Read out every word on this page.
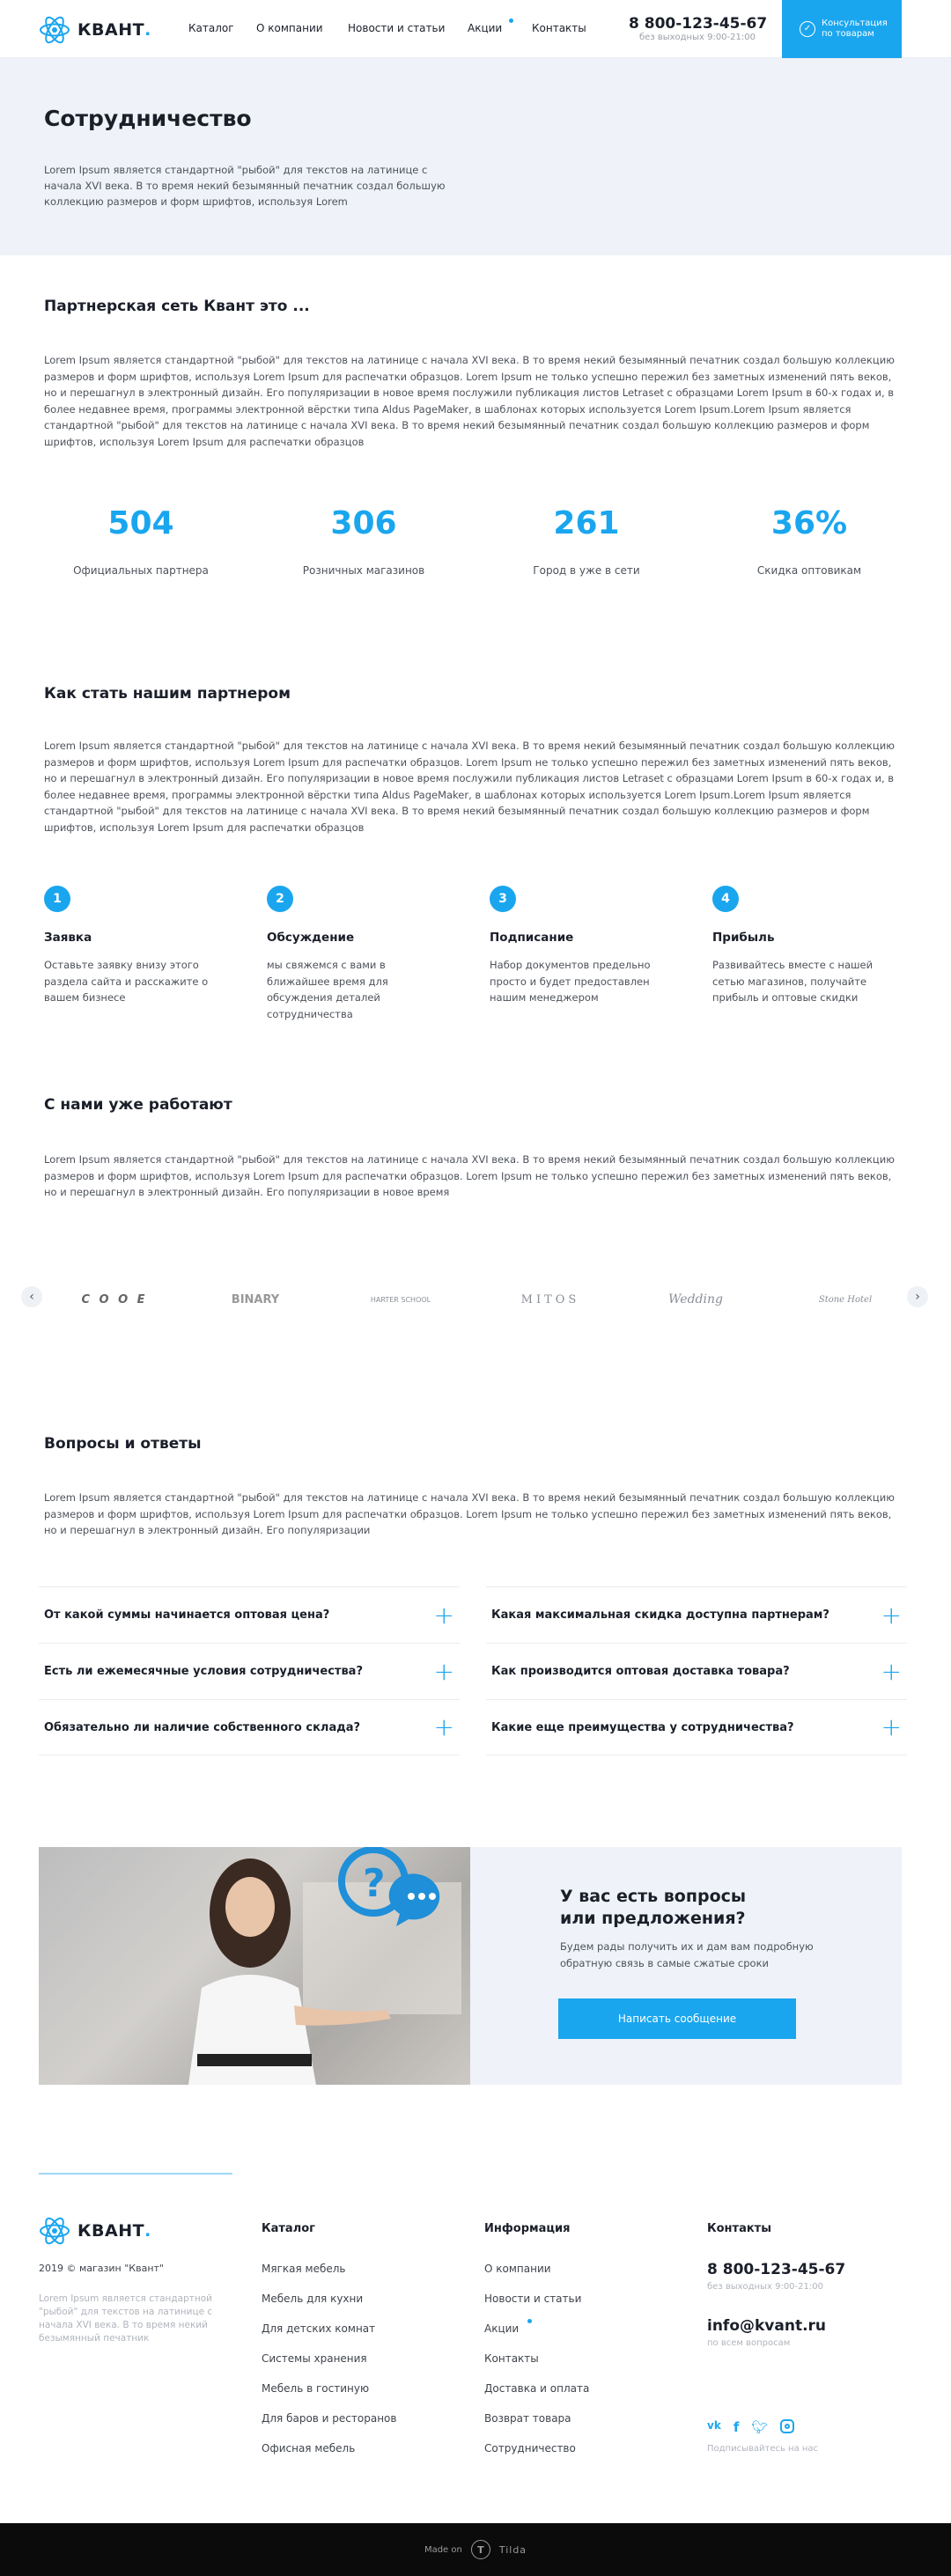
КВАНТ.	Каталог О компании Новости и статьи Акции	Контакты	8 800-123-45-67
без выходных 9:00-21:00
✓
Консультация
по товарам
Сотрудничество

Lorem Ipsum является стандартной "рыбой" для текстов на латинице с начала XVI века. В то время некий безымянный печатник создал большую коллекцию размеров и форм шрифтов, используя Lorem

Партнерская сеть Квант это ...

Lorem Ipsum является стандартной "рыбой" для текстов на латинице с начала XVI века. В то время некий безымянный печатник создал большую коллекцию размеров и форм шрифтов, используя Lorem Ipsum для распечатки образцов. Lorem Ipsum не только успешно пережил без заметных изменений пять веков, но и перешагнул в электронный дизайн. Его популяризации в новое время послужили публикация листов Letraset с образцами Lorem Ipsum в 60-х годах и, в более недавнее время, программы электронной вёрстки типа Aldus PageMaker, в шаблонах которых используется Lorem Ipsum.Lorem Ipsum является стандартной "рыбой" для текстов на латинице с начала XVI века. В то время некий безымянный печатник создал большую коллекцию размеров и форм шрифтов, используя Lorem Ipsum для распечатки образцов

504
Официальных партнера
306
Розничных магазинов
261
Город в уже в сети
36%
Скидка оптовикам
Как стать нашим партнером

Lorem Ipsum является стандартной "рыбой" для текстов на латинице с начала XVI века. В то время некий безымянный печатник создал большую коллекцию размеров и форм шрифтов, используя Lorem Ipsum для распечатки образцов. Lorem Ipsum не только успешно пережил без заметных изменений пять веков, но и перешагнул в электронный дизайн. Его популяризации в новое время послужили публикация листов Letraset с образцами Lorem Ipsum в 60-х годах и, в более недавнее время, программы электронной вёрстки типа Aldus PageMaker, в шаблонах которых используется Lorem Ipsum.Lorem Ipsum является стандартной "рыбой" для текстов на латинице с начала XVI века. В то время некий безымянный печатник создал большую коллекцию размеров и форм шрифтов, используя Lorem Ipsum для распечатки образцов

1
Заявка
Оставьте заявку внизу этого раздела сайта и расскажите о вашем бизнесе
2
Обсуждение
мы свяжемся с вами в ближайшее время для обсуждения деталей сотрудничества
3
Подписание
Набор документов предельно просто и будет предоставлен нашим менеджером
4
Прибыль
Развивайтесь вместе с нашей сетью магазинов, получайте прибыль и оптовые скидки
С нами уже работают

Lorem Ipsum является стандартной "рыбой" для текстов на латинице с начала XVI века. В то время некий безымянный печатник создал большую коллекцию размеров и форм шрифтов, используя Lorem Ipsum для распечатки образцов. Lorem Ipsum не только успешно пережил без заметных изменений пять веков, но и перешагнул в электронный дизайн. Его популяризации в новое время

‹	C O O E	BINARY	HARTER SCHOOL	MITOS	Wedding	Stone Hotel	›
Вопросы и ответы

Lorem Ipsum является стандартной "рыбой" для текстов на латинице с начала XVI века. В то время некий безымянный печатник создал большую коллекцию размеров и форм шрифтов, используя Lorem Ipsum для распечатки образцов. Lorem Ipsum не только успешно пережил без заметных изменений пять веков, но и перешагнул в электронный дизайн. Его популяризации

От какой суммы начинается оптовая цена?	+	Какая максимальная скидка доступна партнерам? +
Есть ли ежемесячные условия сотрудничества?	+	Как производится оптовая доставка товара?	+
Обязательно ли наличие собственного склада?	+	Какие еще преимущества у сотрудничества?	+
?	У вас есть вопросы
или предложения?

Будем рады получить их и дам вам подробную обратную связь в самые сжатые сроки

Написать сообщение
КВАНТ.
2019 © магазин "Квант"

Lorem Ipsum является стандартной "рыбой" для текстов на латинице с начала XVI века. В то время некий безымянный печатник

Каталог
Мягкая мебель
Мебель для кухни
Для детских комнат
Системы хранения
Мебель в гостиную
Для баров и ресторанов
Офисная мебель
Информация
О компании
Новости и статьи
Акции
Контакты
Доставка и оплата
Возврат товара
Сотрудничество
Контакты
8 800-123-45-67
без выходных 9:00-21:00
info@kvant.ru
по всем вопросам
vk f 🐦︎
Подписывайтесь на нас
Made on	T	Tilda
